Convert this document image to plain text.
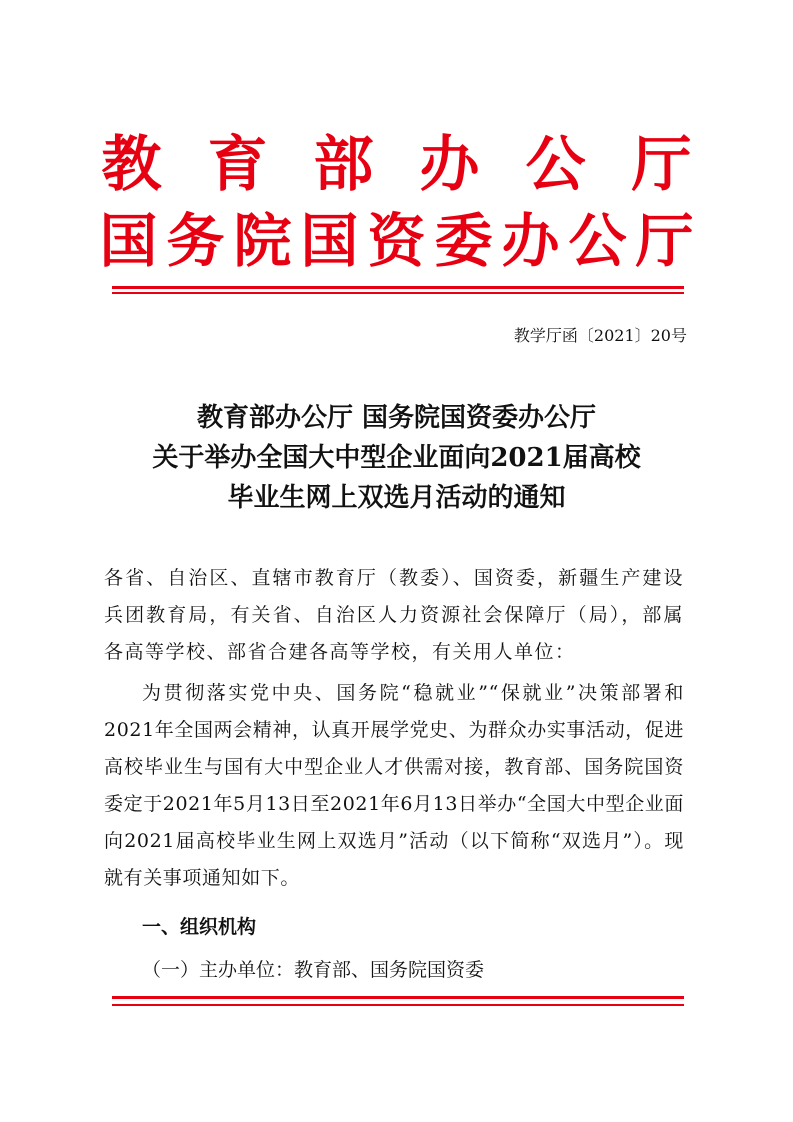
教育部办公厅
国务院国资委办公厅
教学厅函〔2021〕20号
教育部办公厅 国务院国资委办公厅
关于举办全国大中型企业面向2021届高校
毕业生网上双选月活动的通知
各省、自治区、直辖市教育厅（教委）、国资委，新疆生产建设兵团教育局，有关省、自治区人力资源社会保障厅（局），部属各高等学校、部省合建各高等学校，有关用人单位：
为贯彻落实党中央、国务院“稳就业”“保就业”决策部署和2021年全国两会精神，认真开展学党史、为群众办实事活动，促进高校毕业生与国有大中型企业人才供需对接，教育部、国务院国资委定于2021年5月13日至2021年6月13日举办“全国大中型企业面向2021届高校毕业生网上双选月”活动（以下简称“双选月”）。现就有关事项通知如下。
一、组织机构
（一）主办单位：教育部、国务院国资委
